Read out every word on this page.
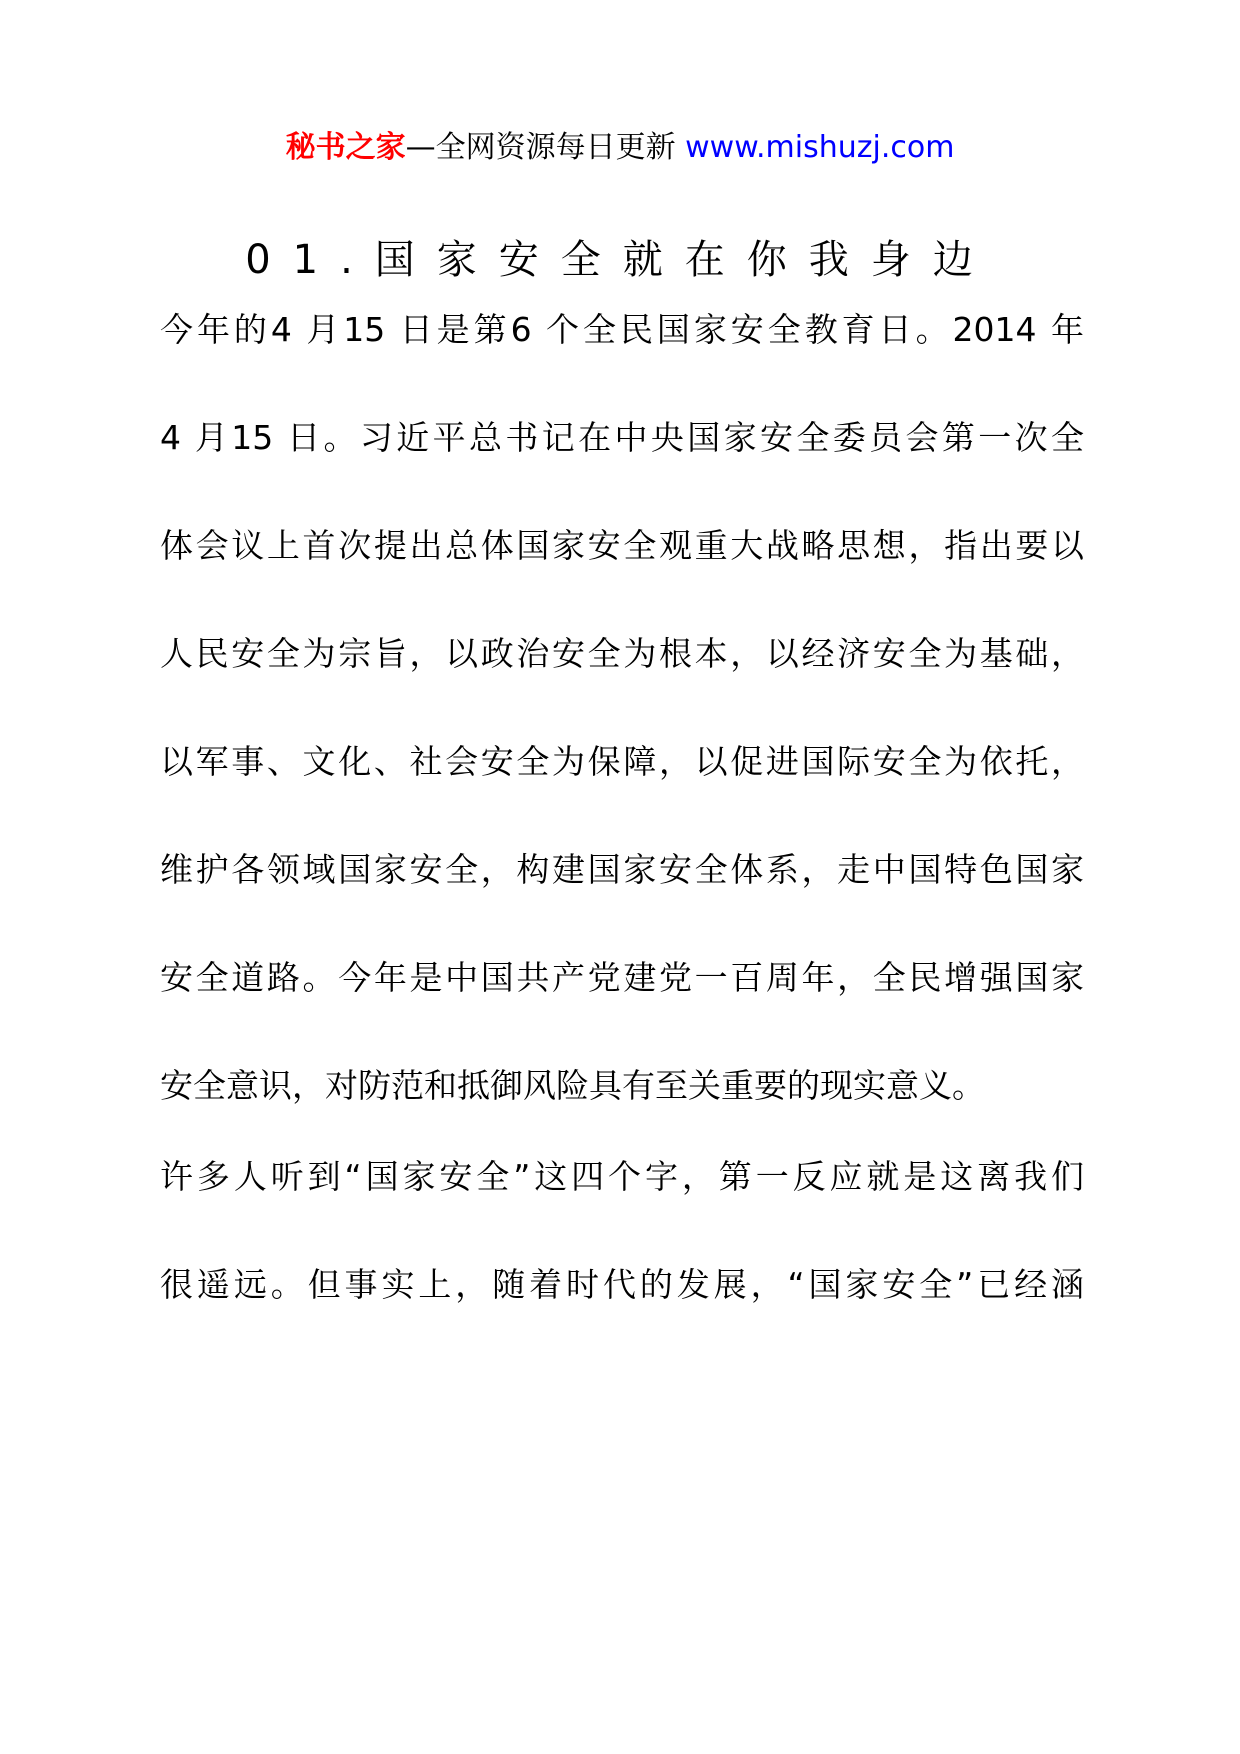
秘书之家—全网资源每日更新 www.mishuzj.com
01.国家安全就在你我身边
今年的4 月15 日是第6 个全民国家安全教育日。2014 年
4 月15 日。习近平总书记在中央国家安全委员会第一次全
体会议上首次提出总体国家安全观重大战略思想，指出要以
人民安全为宗旨，以政治安全为根本，以经济安全为基础，
以军事、文化、社会安全为保障，以促进国际安全为依托，
维护各领域国家安全，构建国家安全体系，走中国特色国家
安全道路。今年是中国共产党建党一百周年，全民增强国家
安全意识，对防范和抵御风险具有至关重要的现实意义。
许多人听到“国家安全”这四个字，第一反应就是这离我们
很遥远。但事实上，随着时代的发展，“国家安全”已经涵
